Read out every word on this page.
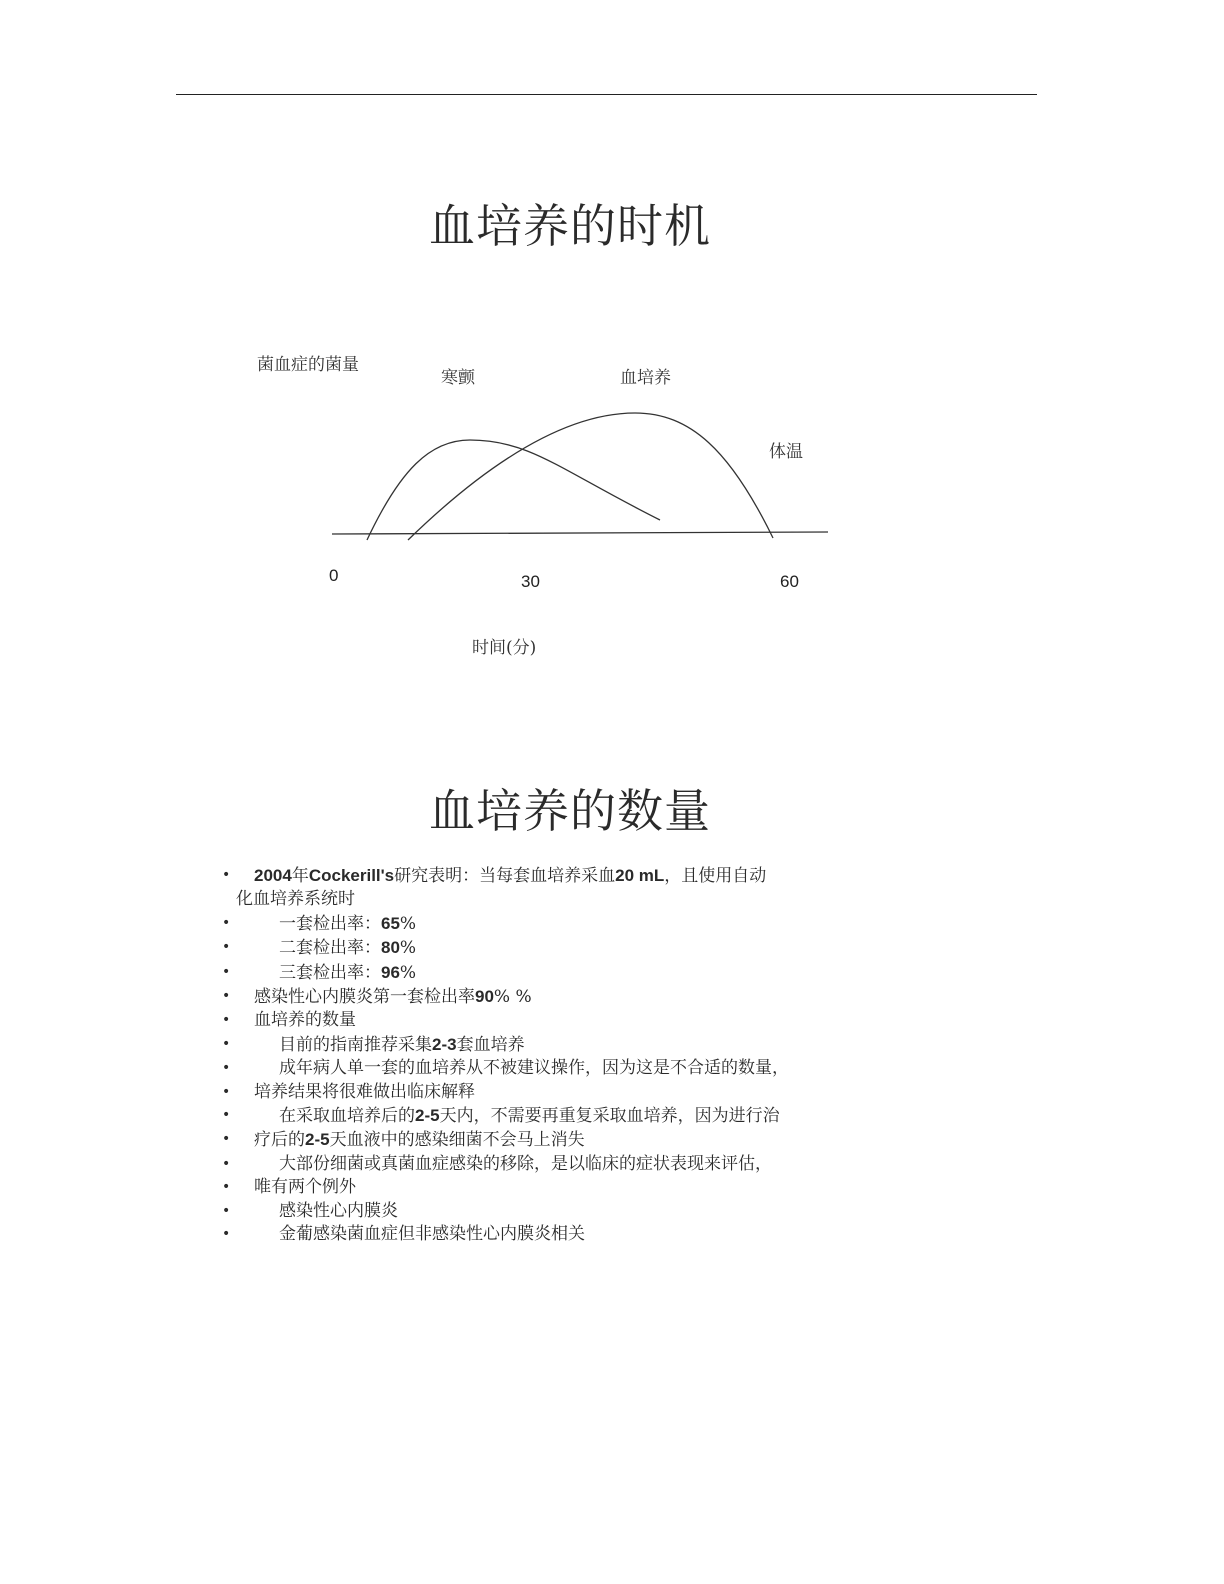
血培养的时机
菌血症的菌量
寒颤	血培养
体温
0	30	60
时间(分)
血培养的数量
• 2004年Cockerill's研究表明：当每套血培养采血20 mL，且使用自动
化血培养系统时
• 一套检出率：65%
• 二套检出率：80%
• 三套检出率：96%
• 感染性心内膜炎第一套检出率90% %
• 血培养的数量
• 目前的指南推荐采集2-3套血培养
• 成年病人单一套的血培养从不被建议操作，因为这是不合适的数量，
• 培养结果将很难做出临床解释
• 在采取血培养后的2-5天内，不需要再重复采取血培养，因为进行治
• 疗后的2-5天血液中的感染细菌不会马上消失
• 大部份细菌或真菌血症感染的移除，是以临床的症状表现来评估，
• 唯有两个例外
• 感染性心内膜炎
• 金葡感染菌血症但非感染性心内膜炎相关
